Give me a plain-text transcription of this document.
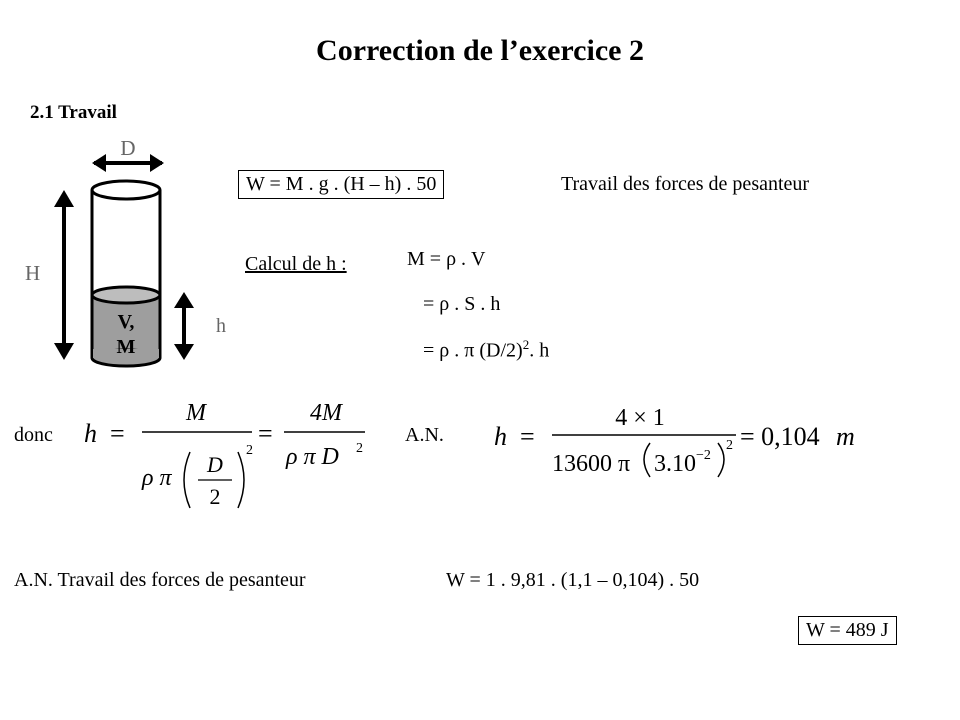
Correction de l’exercice 2
2.1 Travail
D
H
V,
M
h
W = M . g . (H – h) . 50	Travail des forces de pesanteur
Calcul de h :	M = ρ . V
= ρ . S . h
= ρ . π $(D/2)^2$. h
donc h =
M
ρ π
D
2
2
=
4M
ρ π D 2
A.N. h =
4 × 1
13600 π 3.10 −2
2 = 0,104 m
A.N. Travail des forces de pesanteur	W = 1 . 9,81 . (1,1 – 0,104) . 50
W = 489 J
